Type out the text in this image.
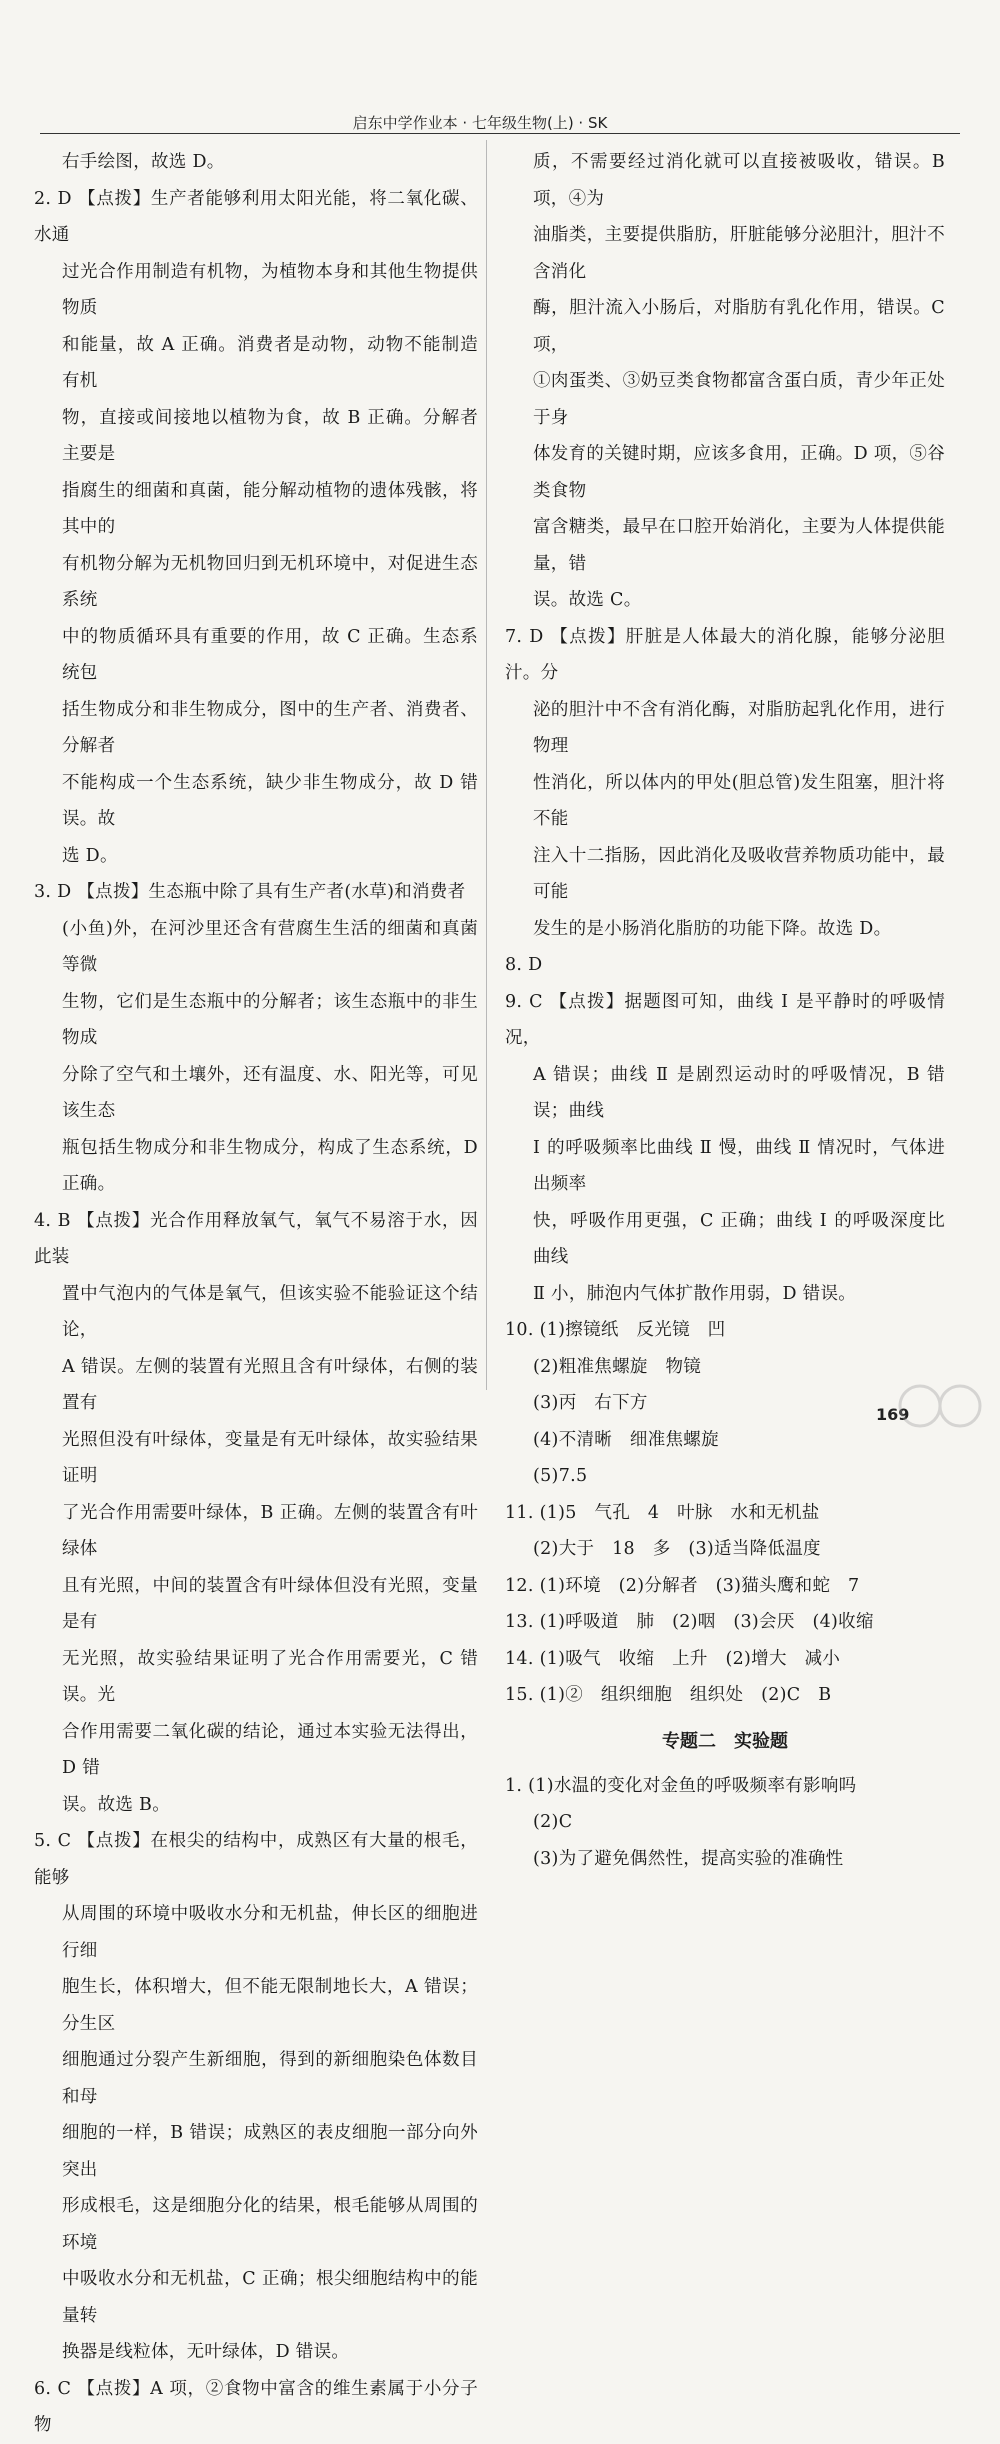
启东中学作业本 · 七年级生物(上) · SK

右手绘图，故选 D。

2. D 【点拨】生产者能够利用太阳光能，将二氧化碳、水通

过光合作用制造有机物，为植物本身和其他生物提供物质

和能量，故 A 正确。消费者是动物，动物不能制造有机

物，直接或间接地以植物为食，故 B 正确。分解者主要是

指腐生的细菌和真菌，能分解动植物的遗体残骸，将其中的

有机物分解为无机物回归到无机环境中，对促进生态系统

中的物质循环具有重要的作用，故 C 正确。生态系统包

括生物成分和非生物成分，图中的生产者、消费者、分解者

不能构成一个生态系统，缺少非生物成分，故 D 错误。故

选 D。

3. D 【点拨】生态瓶中除了具有生产者(水草)和消费者

(小鱼)外，在河沙里还含有营腐生生活的细菌和真菌等微

生物，它们是生态瓶中的分解者；该生态瓶中的非生物成

分除了空气和土壤外，还有温度、水、阳光等，可见该生态

瓶包括生物成分和非生物成分，构成了生态系统，D 正确。

4. B 【点拨】光合作用释放氧气，氧气不易溶于水，因此装

置中气泡内的气体是氧气，但该实验不能验证这个结论，

A 错误。左侧的装置有光照且含有叶绿体，右侧的装置有

光照但没有叶绿体，变量是有无叶绿体，故实验结果证明

了光合作用需要叶绿体，B 正确。左侧的装置含有叶绿体

且有光照，中间的装置含有叶绿体但没有光照，变量是有

无光照，故实验结果证明了光合作用需要光，C 错误。光

合作用需要二氧化碳的结论，通过本实验无法得出，D 错

误。故选 B。

5. C 【点拨】在根尖的结构中，成熟区有大量的根毛，能够

从周围的环境中吸收水分和无机盐，伸长区的细胞进行细

胞生长，体积增大，但不能无限制地长大，A 错误；分生区

细胞通过分裂产生新细胞，得到的新细胞染色体数目和母

细胞的一样，B 错误；成熟区的表皮细胞一部分向外突出

形成根毛，这是细胞分化的结果，根毛能够从周围的环境

中吸收水分和无机盐，C 正确；根尖细胞结构中的能量转

换器是线粒体，无叶绿体，D 错误。

6. C 【点拨】A 项，②食物中富含的维生素属于小分子物

质，不需要经过消化就可以直接被吸收，错误。B 项，④为

油脂类，主要提供脂肪，肝脏能够分泌胆汁，胆汁不含消化

酶，胆汁流入小肠后，对脂肪有乳化作用，错误。C 项，

①肉蛋类、③奶豆类食物都富含蛋白质，青少年正处于身

体发育的关键时期，应该多食用，正确。D 项，⑤谷类食物

富含糖类，最早在口腔开始消化，主要为人体提供能量，错

误。故选 C。

7. D 【点拨】肝脏是人体最大的消化腺，能够分泌胆汁。分

泌的胆汁中不含有消化酶，对脂肪起乳化作用，进行物理

性消化，所以体内的甲处(胆总管)发生阻塞，胆汁将不能

注入十二指肠，因此消化及吸收营养物质功能中，最可能

发生的是小肠消化脂肪的功能下降。故选 D。

8. D

9. C 【点拨】据题图可知，曲线 Ⅰ 是平静时的呼吸情况，

A 错误；曲线 Ⅱ 是剧烈运动时的呼吸情况，B 错误；曲线

Ⅰ 的呼吸频率比曲线 Ⅱ 慢，曲线 Ⅱ 情况时，气体进出频率

快，呼吸作用更强，C 正确；曲线 Ⅰ 的呼吸深度比曲线

Ⅱ 小，肺泡内气体扩散作用弱，D 错误。

10. (1)擦镜纸　反光镜　凹

(2)粗准焦螺旋　物镜

(3)丙　右下方

(4)不清晰　细准焦螺旋

(5)7.5

11. (1)5　气孔　4　叶脉　水和无机盐

(2)大于　18　多　(3)适当降低温度

12. (1)环境　(2)分解者　(3)猫头鹰和蛇　7

13. (1)呼吸道　肺　(2)咽　(3)会厌　(4)收缩

14. (1)吸气　收缩　上升　(2)增大　减小

15. (1)②　组织细胞　组织处　(2)C　B

专题二　实验题

1. (1)水温的变化对金鱼的呼吸频率有影响吗

(2)C

(3)为了避免偶然性，提高实验的准确性

169
